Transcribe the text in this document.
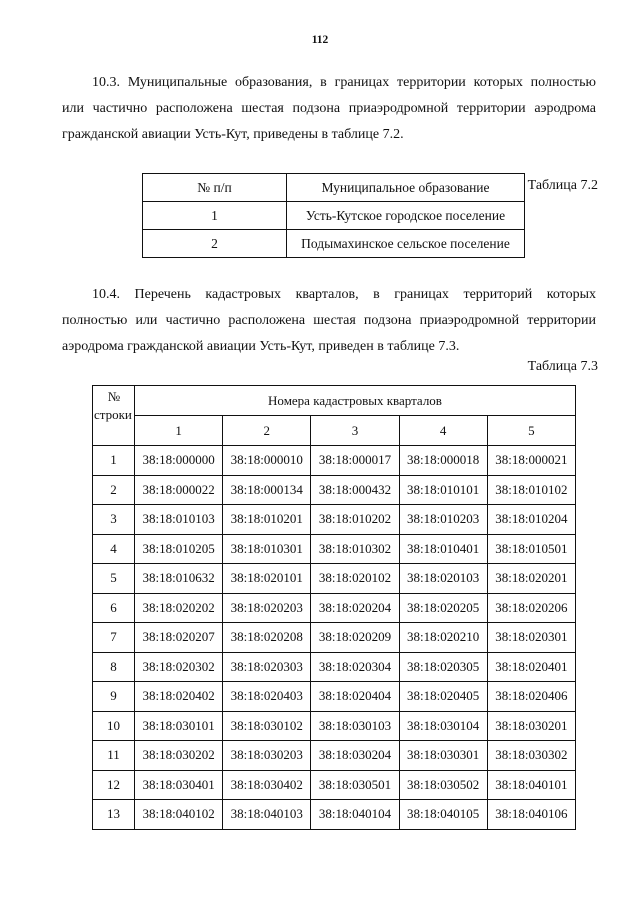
112

10.3. Муниципальные образования, в границах территории которых полностью
или частично расположена шестая подзона приаэродромной территории аэродрома
гражданской авиации Усть-Кут, приведены в таблице 7.2.

Таблица 7.2
№ п/п	Муниципальное образование
1	Усть-Кутское городское поселение
2	Подымахинское сельское поселение

10.4. Перечень кадастровых кварталов, в границах территорий которых
полностью или частично расположена шестая подзона приаэродромной территории
аэродрома гражданской авиации Усть-Кут, приведен в таблице 7.3.

Таблица 7.3
№
строки	Номера кадастровых кварталов				
	1	2	3	4	5
1	38:18:000000	38:18:000010	38:18:000017	38:18:000018	38:18:000021
2	38:18:000022	38:18:000134	38:18:000432	38:18:010101	38:18:010102
3	38:18:010103	38:18:010201	38:18:010202	38:18:010203	38:18:010204
4	38:18:010205	38:18:010301	38:18:010302	38:18:010401	38:18:010501
5	38:18:010632	38:18:020101	38:18:020102	38:18:020103	38:18:020201
6	38:18:020202	38:18:020203	38:18:020204	38:18:020205	38:18:020206
7	38:18:020207	38:18:020208	38:18:020209	38:18:020210	38:18:020301
8	38:18:020302	38:18:020303	38:18:020304	38:18:020305	38:18:020401
9	38:18:020402	38:18:020403	38:18:020404	38:18:020405	38:18:020406
10	38:18:030101	38:18:030102	38:18:030103	38:18:030104	38:18:030201
11	38:18:030202	38:18:030203	38:18:030204	38:18:030301	38:18:030302
12	38:18:030401	38:18:030402	38:18:030501	38:18:030502	38:18:040101
13	38:18:040102	38:18:040103	38:18:040104	38:18:040105	38:18:040106
